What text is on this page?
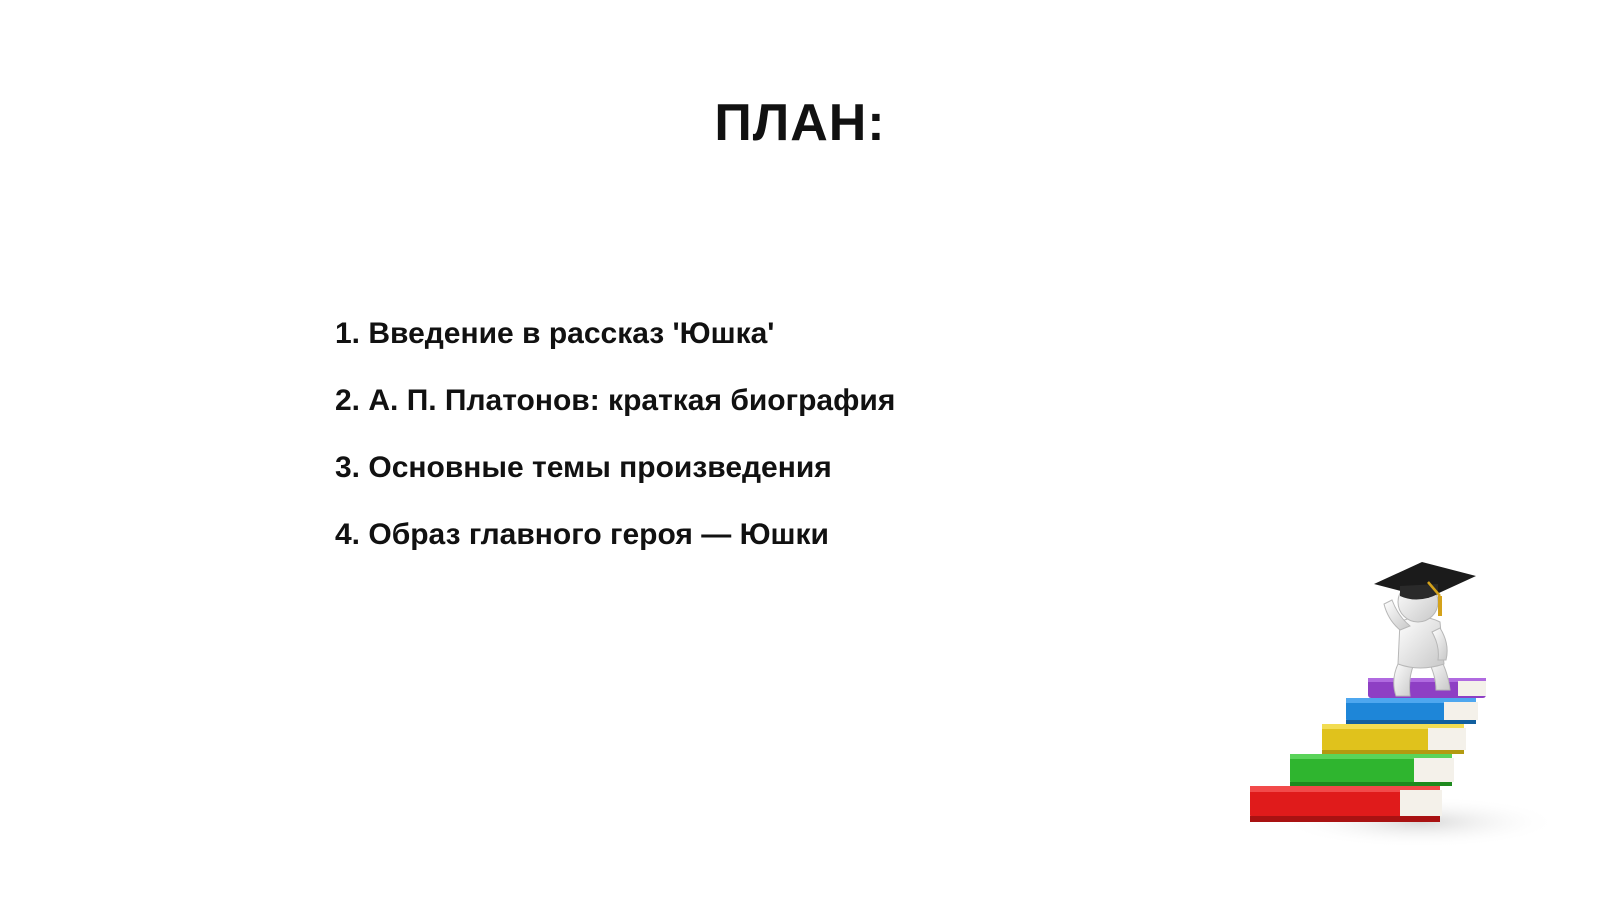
ПЛАН:
1. Введение в рассказ 'Юшка'
2. А. П. Платонов: краткая биография
3. Основные темы произведения
4. Образ главного героя — Юшки
